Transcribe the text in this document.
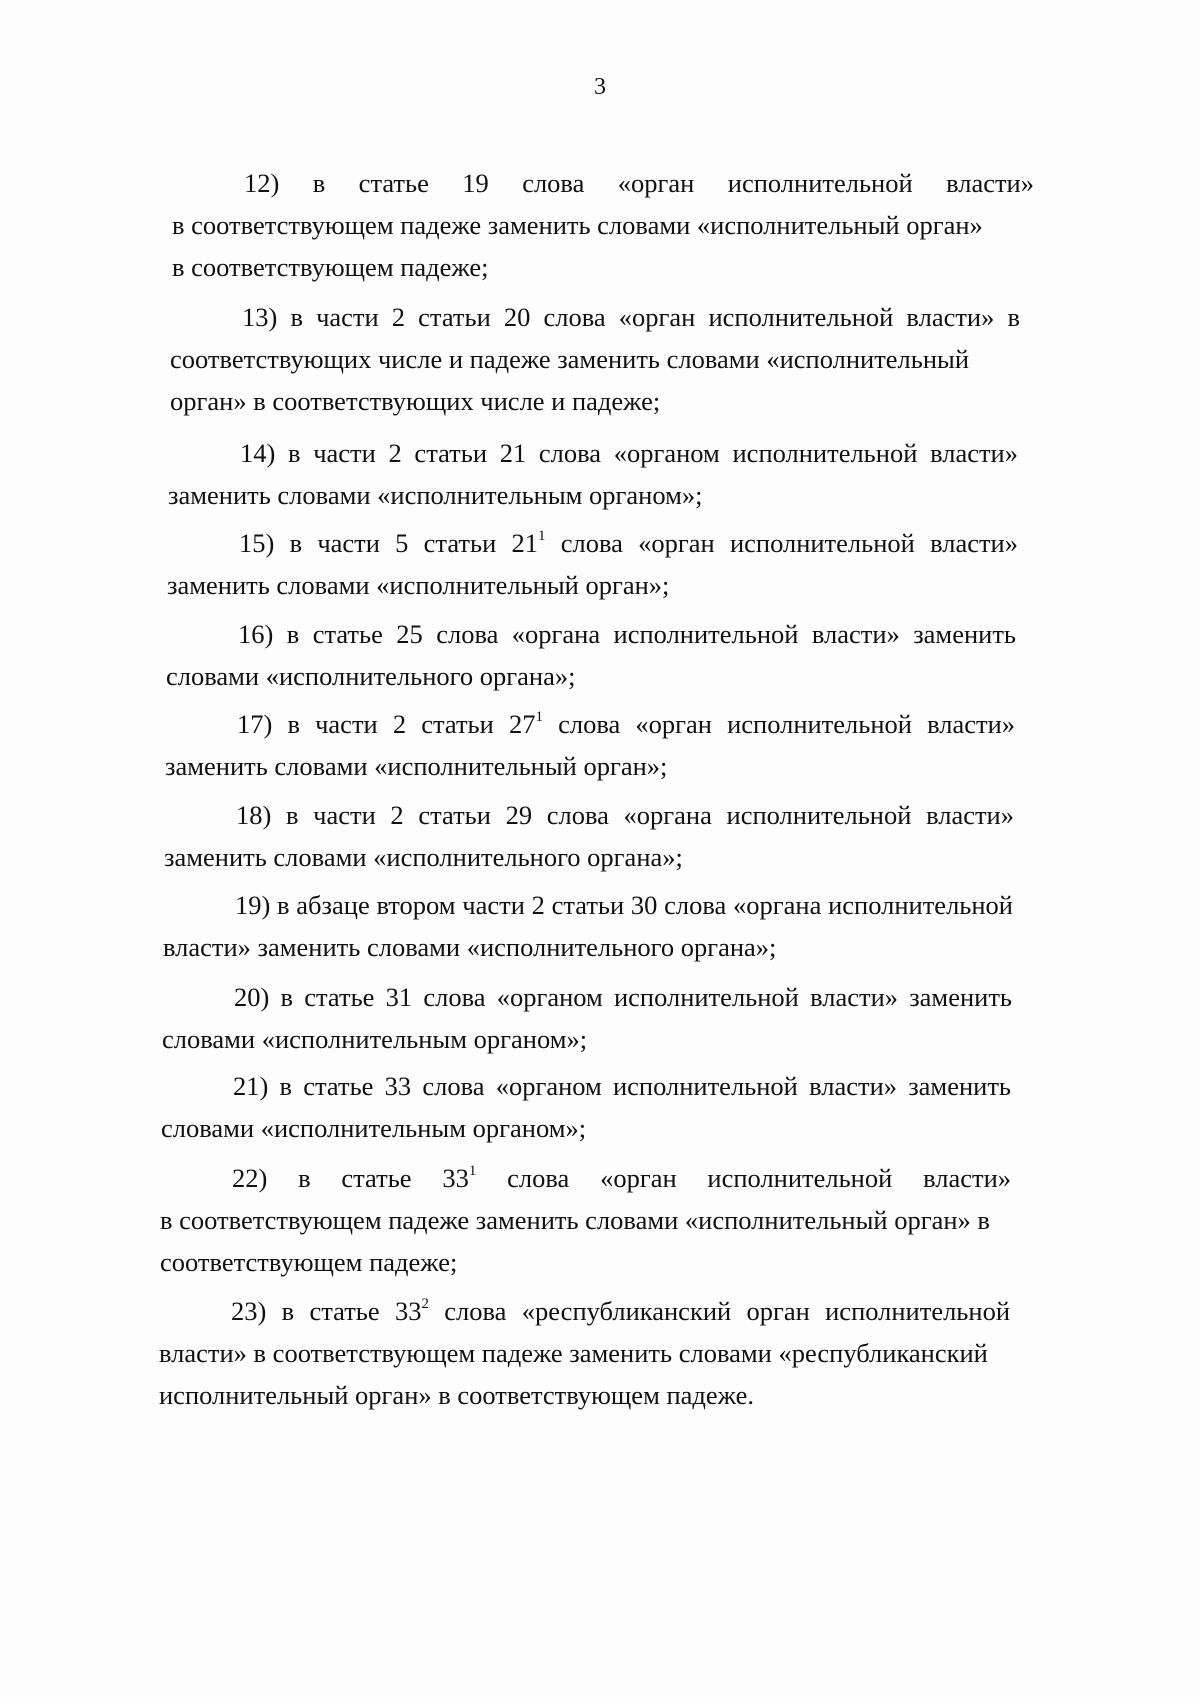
3
12) в статье 19 слова «орган исполнительной власти»
в соответствующем падеже заменить словами «исполнительный орган»
в соответствующем падеже;
13) в части 2 статьи 20 слова «орган исполнительной власти» в
соответствующих числе и падеже заменить словами «исполнительный
орган» в соответствующих числе и падеже;
14) в части 2 статьи 21 слова «органом исполнительной власти»
заменить словами «исполнительным органом»;
15) в части 5 статьи $21^1$ слова «орган исполнительной власти»
заменить словами «исполнительный орган»;
16) в статье 25 слова «органа исполнительной власти» заменить
словами «исполнительного органа»;
17) в части 2 статьи $27^1$ слова «орган исполнительной власти»
заменить словами «исполнительный орган»;
18) в части 2 статьи 29 слова «органа исполнительной власти»
заменить словами «исполнительного органа»;
19) в абзаце втором части 2 статьи 30 слова «органа исполнительной
власти» заменить словами «исполнительного органа»;
20) в статье 31 слова «органом исполнительной власти» заменить
словами «исполнительным органом»;
21) в статье 33 слова «органом исполнительной власти» заменить
словами «исполнительным органом»;
22) в статье $33^1$ слова «орган исполнительной власти»
в соответствующем падеже заменить словами «исполнительный орган» в
соответствующем падеже;
23) в статье $33^2$ слова «республиканский орган исполнительной
власти» в соответствующем падеже заменить словами «республиканский
исполнительный орган» в соответствующем падеже.
